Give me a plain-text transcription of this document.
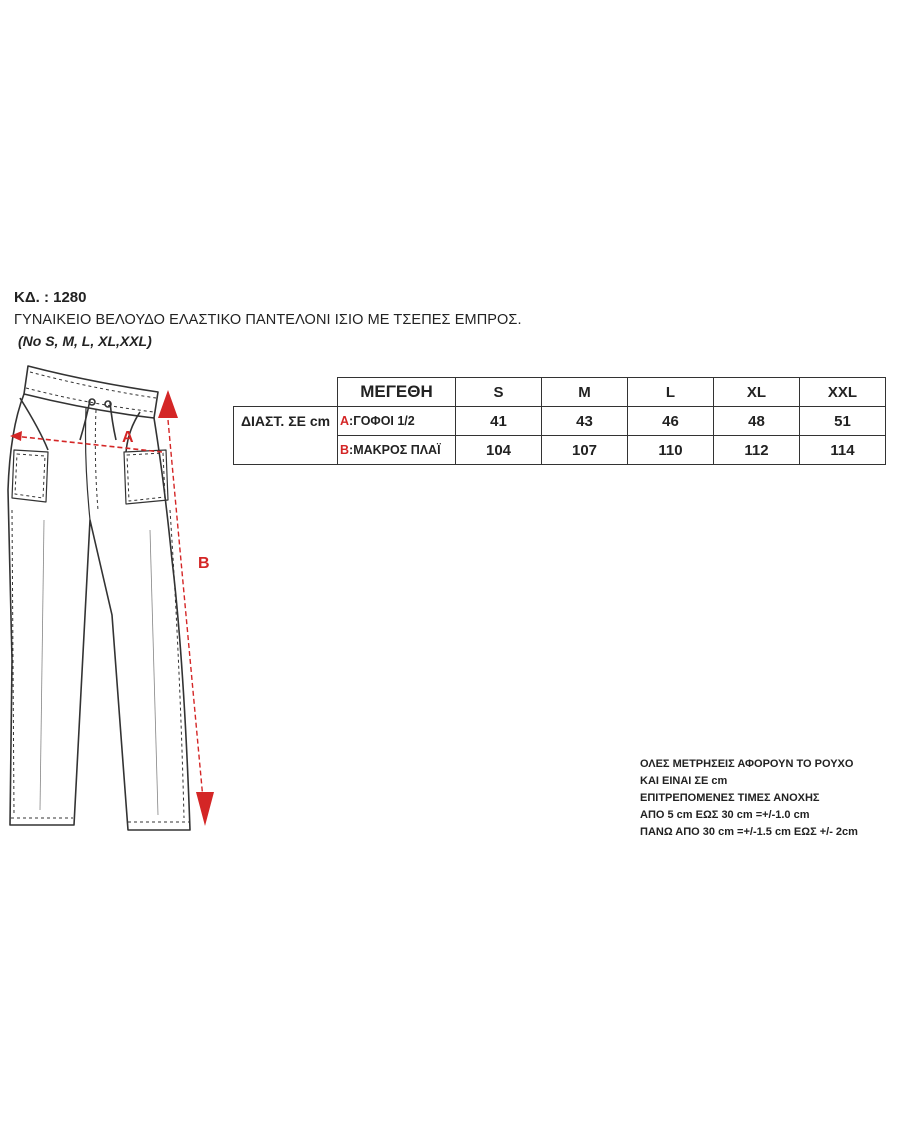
ΚΔ. : 1280
ΓΥΝΑΙΚΕΙΟ ΒΕΛΟΥΔΟ ΕΛΑΣΤΙΚΟ ΠΑΝΤΕΛΟΝΙ ΙΣΙΟ ΜΕ ΤΣΕΠΕΣ ΕΜΠΡΟΣ.
(No S, M, L, XL,XXL)
A
B
	ΜΕΓΕΘΗ	S	M	L	XL	XXL
ΔΙΑΣΤ. ΣΕ cm	A:ΓΟΦΟΙ 1/2	41	43	46	48	51
	B:ΜΑΚΡΟΣ ΠΛΑΪ	104	107	110	112	114
ΟΛΕΣ ΜΕΤΡΗΣΕΙΣ ΑΦΟΡΟΥΝ ΤΟ ΡΟΥΧΟ
ΚΑΙ ΕΙΝΑΙ ΣΕ cm
ΕΠΙΤΡΕΠΟΜΕΝΕΣ ΤΙΜΕΣ ΑΝΟΧΗΣ
ΑΠΟ 5 cm ΕΩΣ 30 cm =+/-1.0 cm
ΠΑΝΩ ΑΠΟ 30 cm =+/-1.5 cm ΕΩΣ +/- 2cm
